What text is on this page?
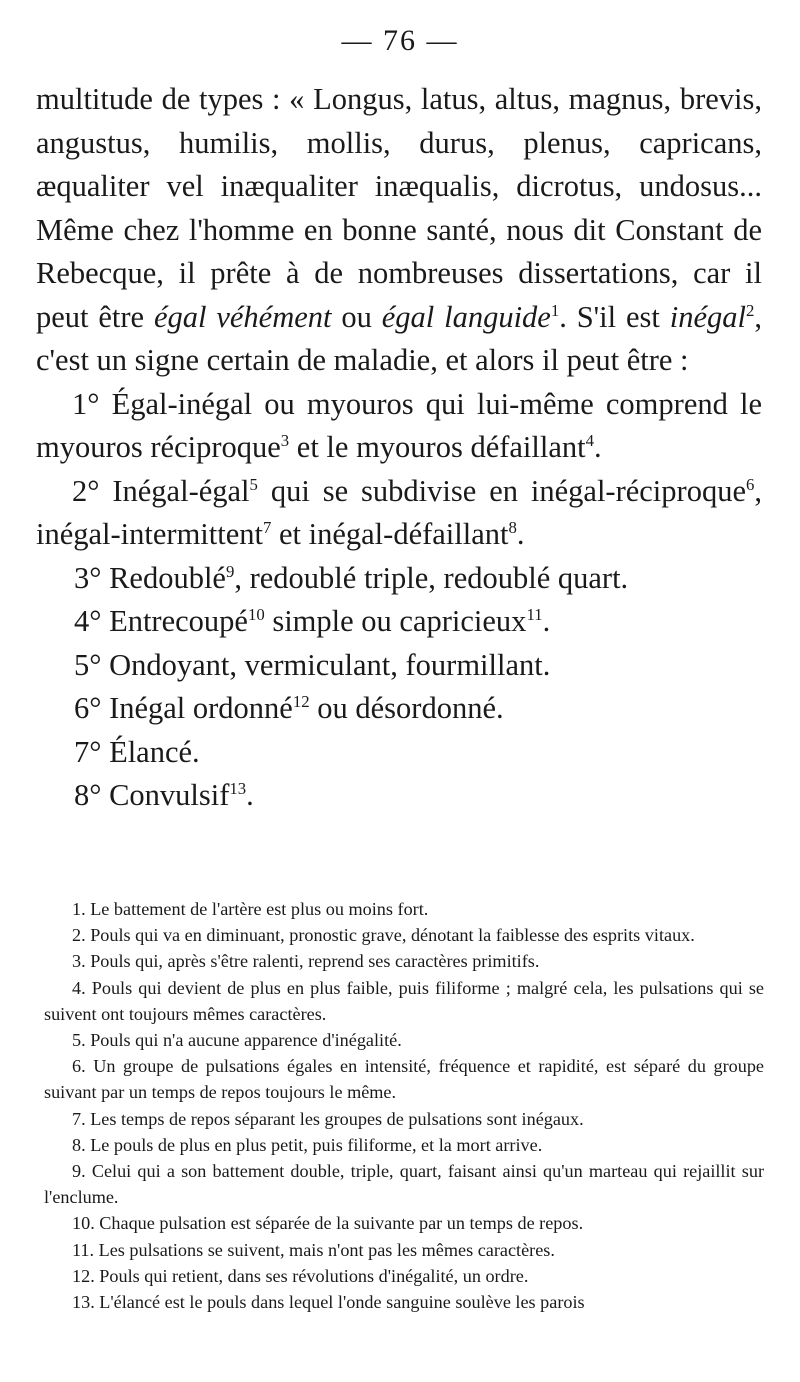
— 76 —

multitude de types : « Longus, latus, altus, magnus, brevis, angustus, humilis, mollis, durus, plenus, capricans, æqualiter vel inæqualiter inæqualis, dicrotus, undosus... Même chez l'homme en bonne santé, nous dit Constant de Rebecque, il prête à de nombreuses dissertations, car il peut être égal véhément ou égal languide$^1$. S'il est inégal$^2$, c'est un signe certain de maladie, et alors il peut être :

1° Égal-inégal ou myouros qui lui-même comprend le myouros réciproque$^3$ et le myouros défaillant$^4$.

2° Inégal-égal$^5$ qui se subdivise en inégal-réciproque$^6$, inégal-intermittent$^7$ et inégal-défaillant$^8$.

3° Redoublé$^9$, redoublé triple, redoublé quart.

4° Entrecoupé$^{10}$ simple ou capricieux$^{11}$.

5° Ondoyant, vermiculant, fourmillant.

6° Inégal ordonné$^{12}$ ou désordonné.

7° Élancé.

8° Convulsif$^{13}$.

1. Le battement de l'artère est plus ou moins fort.

2. Pouls qui va en diminuant, pronostic grave, dénotant la faiblesse des esprits vitaux.

3. Pouls qui, après s'être ralenti, reprend ses caractères primitifs.

4. Pouls qui devient de plus en plus faible, puis filiforme ; malgré cela, les pulsations qui se suivent ont toujours mêmes caractères.

5. Pouls qui n'a aucune apparence d'inégalité.

6. Un groupe de pulsations égales en intensité, fréquence et rapidité, est séparé du groupe suivant par un temps de repos toujours le même.

7. Les temps de repos séparant les groupes de pulsations sont inégaux.

8. Le pouls de plus en plus petit, puis filiforme, et la mort arrive.

9. Celui qui a son battement double, triple, quart, faisant ainsi qu'un marteau qui rejaillit sur l'enclume.

10. Chaque pulsation est séparée de la suivante par un temps de repos.

11. Les pulsations se suivent, mais n'ont pas les mêmes caractères.

12. Pouls qui retient, dans ses révolutions d'inégalité, un ordre.

13. L'élancé est le pouls dans lequel l'onde sanguine soulève les parois
